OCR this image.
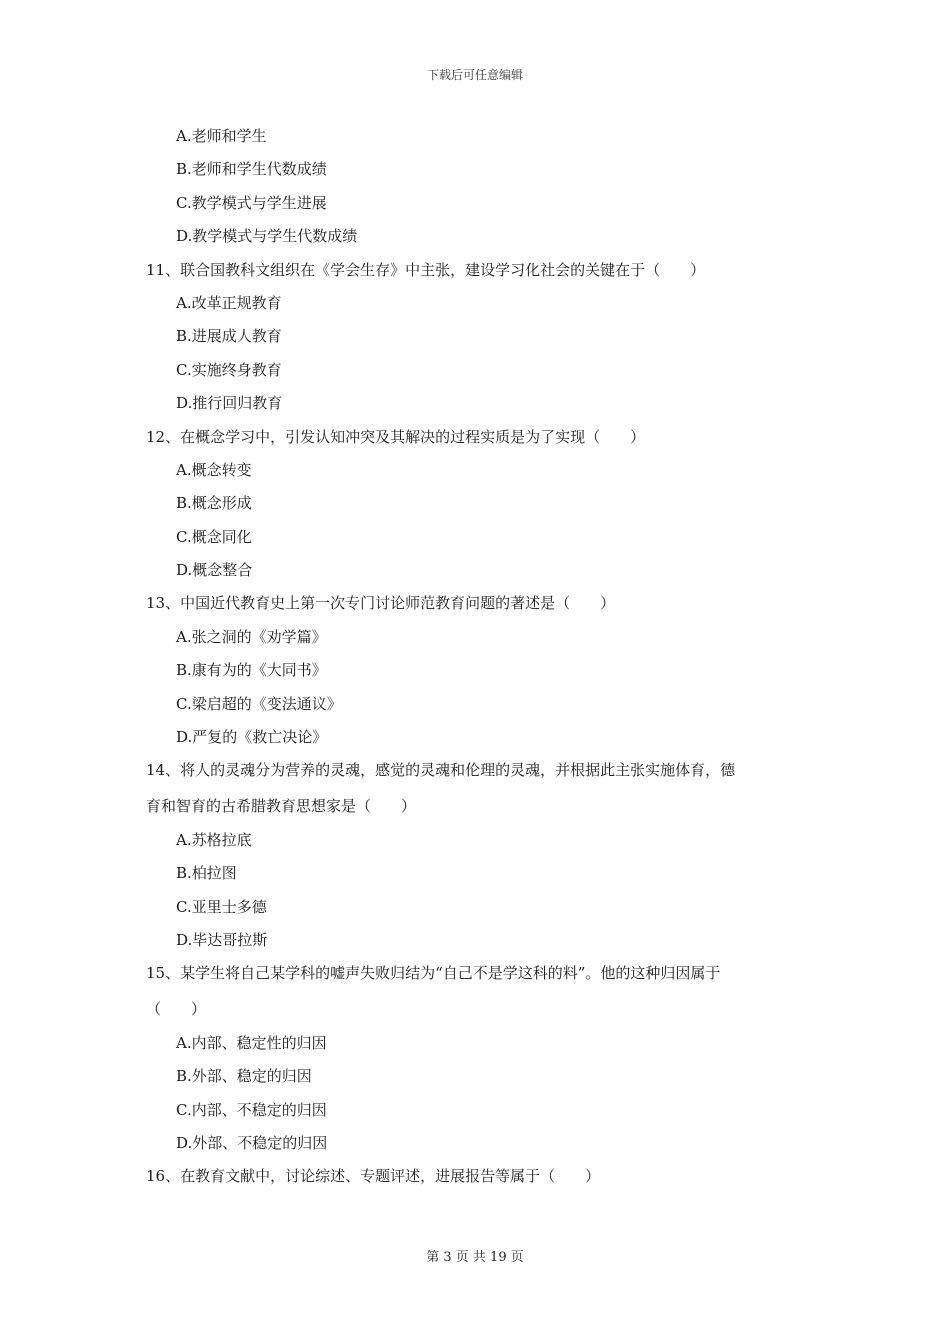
下载后可任意编辑
A.老师和学生
B.老师和学生代数成绩
C.教学模式与学生进展
D.教学模式与学生代数成绩
11、联合国教科文组织在《学会生存》中主张，建设学习化社会的关键在于（　　）
A.改革正规教育
B.进展成人教育
C.实施终身教育
D.推行回归教育
12、在概念学习中，引发认知冲突及其解决的过程实质是为了实现（　　）
A.概念转变
B.概念形成
C.概念同化
D.概念整合
13、中国近代教育史上第一次专门讨论师范教育问题的著述是（　　）
A.张之洞的《劝学篇》
B.康有为的《大同书》
C.梁启超的《变法通议》
D.严复的《救亡决论》
14、将人的灵魂分为营养的灵魂，感觉的灵魂和伦理的灵魂，并根据此主张实施体育，德
育和智育的古希腊教育思想家是（　　）
A.苏格拉底
B.柏拉图
C.亚里士多德
D.毕达哥拉斯
15、某学生将自己某学科的嘘声失败归结为“自己不是学这科的料”。他的这种归因属于
（　　）
A.内部、稳定性的归因
B.外部、稳定的归因
C.内部、不稳定的归因
D.外部、不稳定的归因
16、在教育文献中，讨论综述、专题评述，进展报告等属于（　　）
第 3 页 共 19 页
